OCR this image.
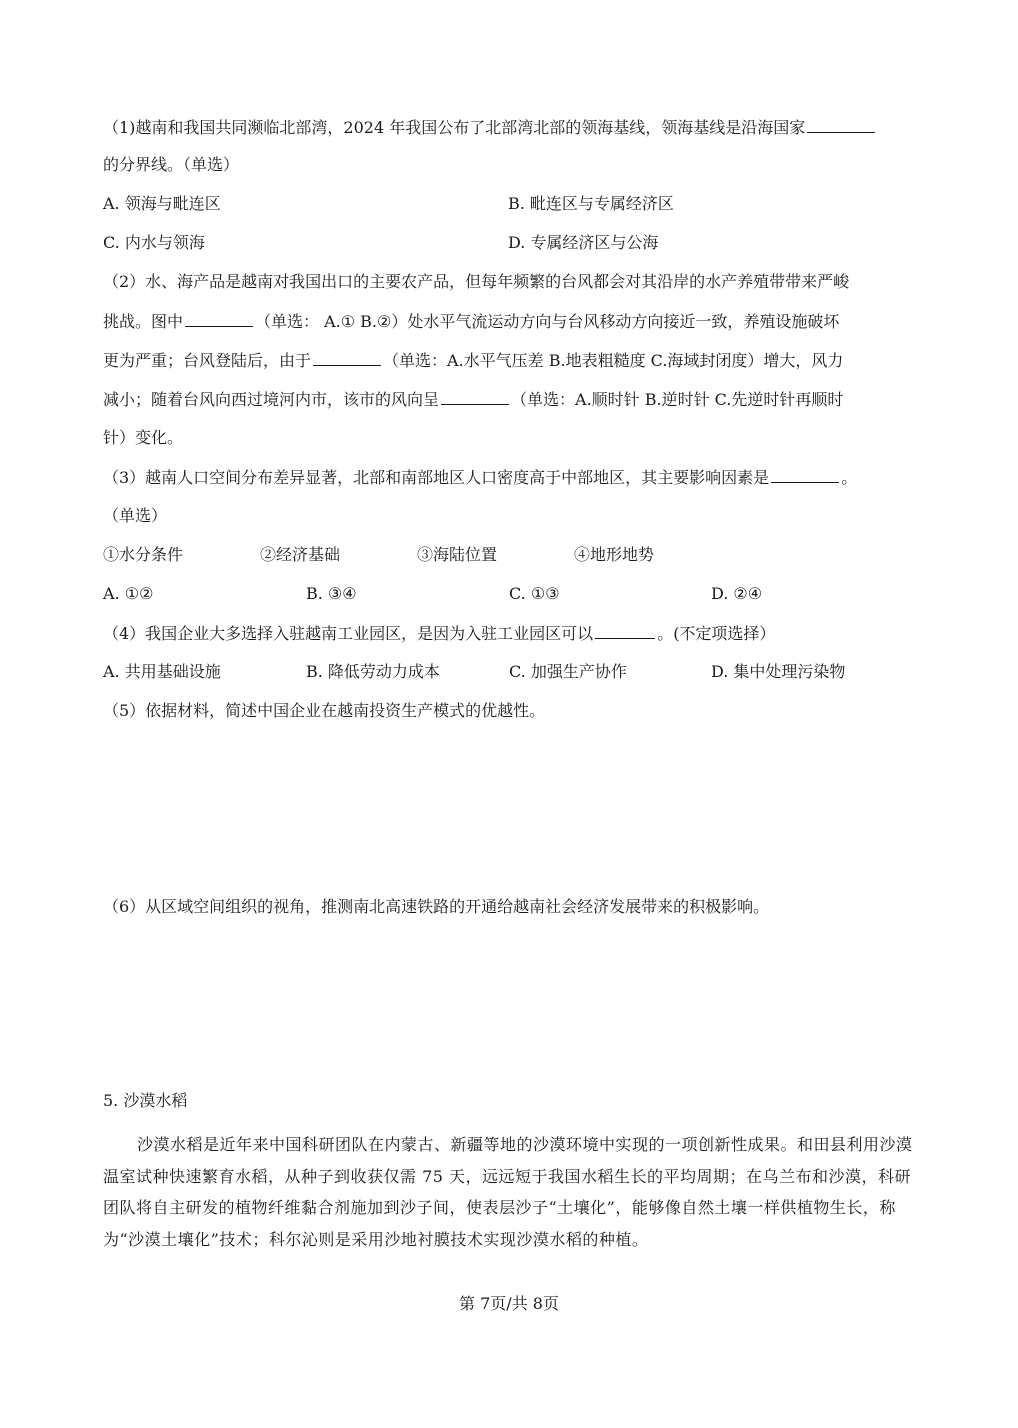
（1)越南和我国共同濒临北部湾，2024 年我国公布了北部湾北部的领海基线，领海基线是沿海国家
的分界线。（单选）
A. 领海与毗连区	B. 毗连区与专属经济区
C. 内水与领海	D. 专属经济区与公海
（2）水、海产品是越南对我国出口的主要农产品，但每年频繁的台风都会对其沿岸的水产养殖带带来严峻
挑战。图中	（单选： A.① B.②）处水平气流运动方向与台风移动方向接近一致，养殖设施破坏
更为严重；台风登陆后，由于	（单选：A.水平气压差 B.地表粗糙度 C.海域封闭度）增大，风力
减小；随着台风向西过境河内市，该市的风向呈	（单选：A.顺时针 B.逆时针 C.先逆时针再顺时
针）变化。
（3）越南人口空间分布差异显著，北部和南部地区人口密度高于中部地区，其主要影响因素是	。
（单选）
①水分条件	②经济基础	③海陆位置	④地形地势
A. ①②	B. ③④	C. ①③	D. ②④
（4）我国企业大多选择入驻越南工业园区，是因为入驻工业园区可以	。(不定项选择）
A. 共用基础设施	B. 降低劳动力成本	C. 加强生产协作	D. 集中处理污染物
（5）依据材料，简述中国企业在越南投资生产模式的优越性。
（6）从区域空间组织的视角，推测南北高速铁路的开通给越南社会经济发展带来的积极影响。
5. 沙漠水稻
沙漠水稻是近年来中国科研团队在内蒙古、新疆等地的沙漠环境中实现的一项创新性成果。和田县利用沙漠温室试种快速繁育水稻，从种子到收获仅需 75 天，远远短于我国水稻生长的平均周期；在乌兰布和沙漠，科研团队将自主研发的植物纤维黏合剂施加到沙子间，使表层沙子“土壤化”，能够像自然土壤一样供植物生长，称为“沙漠土壤化”技术；科尔沁则是采用沙地衬膜技术实现沙漠水稻的种植。
第 7页/共 8页
